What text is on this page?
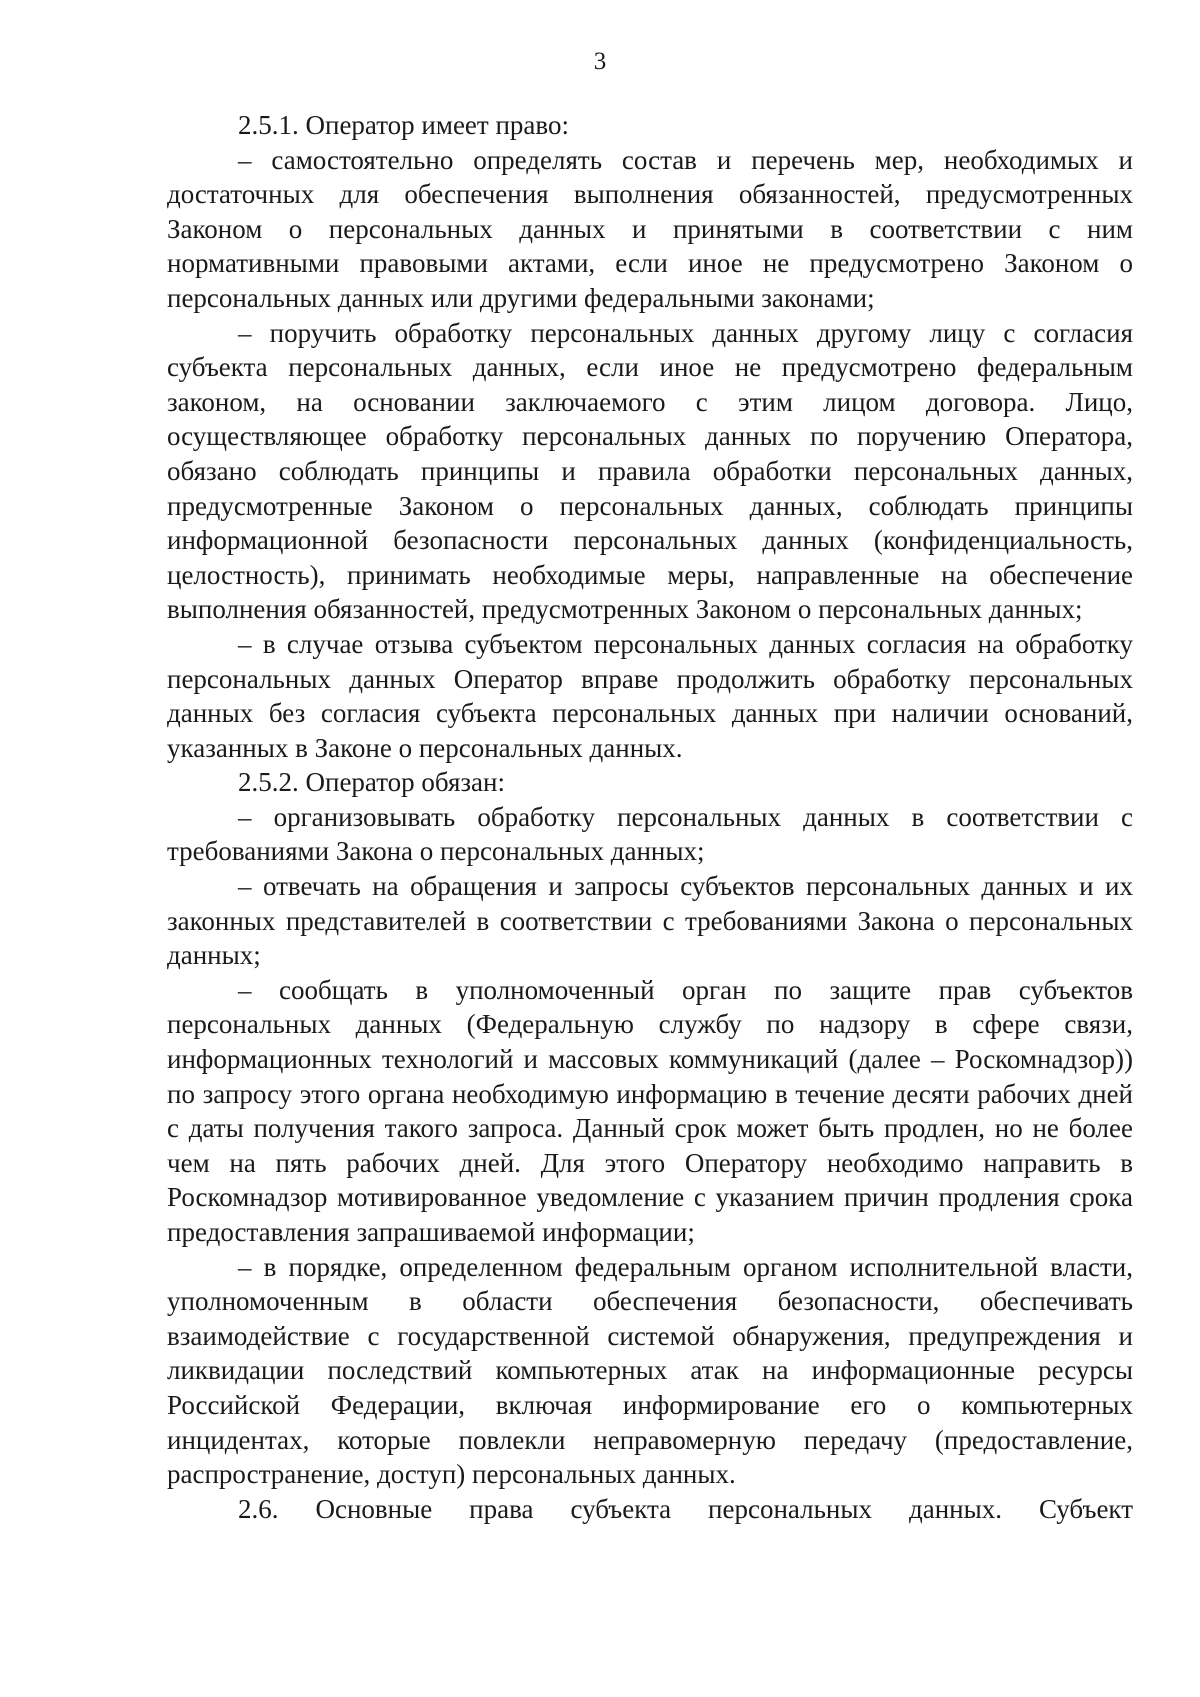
3

2.5.1. Оператор имеет право:

– самостоятельно определять состав и перечень мер, необходимых и достаточных для обеспечения выполнения обязанностей, предусмотренных Законом о персональных данных и принятыми в соответствии с ним нормативными правовыми актами, если иное не предусмотрено Законом о персональных данных или другими федеральными законами;

– поручить обработку персональных данных другому лицу с согласия субъекта персональных данных, если иное не предусмотрено федеральным законом, на основании заключаемого с этим лицом договора. Лицо, осуществляющее обработку персональных данных по поручению Оператора, обязано соблюдать принципы и правила обработки персональных данных, предусмотренные Законом о персональных данных, соблюдать принципы информационной безопасности персональных данных (конфиденциальность, целостность), принимать необходимые меры, направленные на обеспечение выполнения обязанностей, предусмотренных Законом о персональных данных;

– в случае отзыва субъектом персональных данных согласия на обработку персональных данных Оператор вправе продолжить обработку персональных данных без согласия субъекта персональных данных при наличии оснований, указанных в Законе о персональных данных.

2.5.2. Оператор обязан:

– организовывать обработку персональных данных в соответствии с требованиями Закона о персональных данных;

– отвечать на обращения и запросы субъектов персональных данных и их законных представителей в соответствии с требованиями Закона о персональных данных;

– сообщать в уполномоченный орган по защите прав субъектов персональных данных (Федеральную службу по надзору в сфере связи, информационных технологий и массовых коммуникаций (далее – Роскомнадзор)) по запросу этого органа необходимую информацию в течение десяти рабочих дней с даты получения такого запроса. Данный срок может быть продлен, но не более чем на пять рабочих дней. Для этого Оператору необходимо направить в Роскомнадзор мотивированное уведомление с указанием причин продления срока предоставления запрашиваемой информации;

– в порядке, определенном федеральным органом исполнительной власти, уполномоченным в области обеспечения безопасности, обеспечивать взаимодействие с государственной системой обнаружения, предупреждения и ликвидации последствий компьютерных атак на информационные ресурсы Российской Федерации, включая информирование его о компьютерных инцидентах, которые повлекли неправомерную передачу (предоставление, распространение, доступ) персональных данных.

2.6. Основные права субъекта персональных данных. Субъект
